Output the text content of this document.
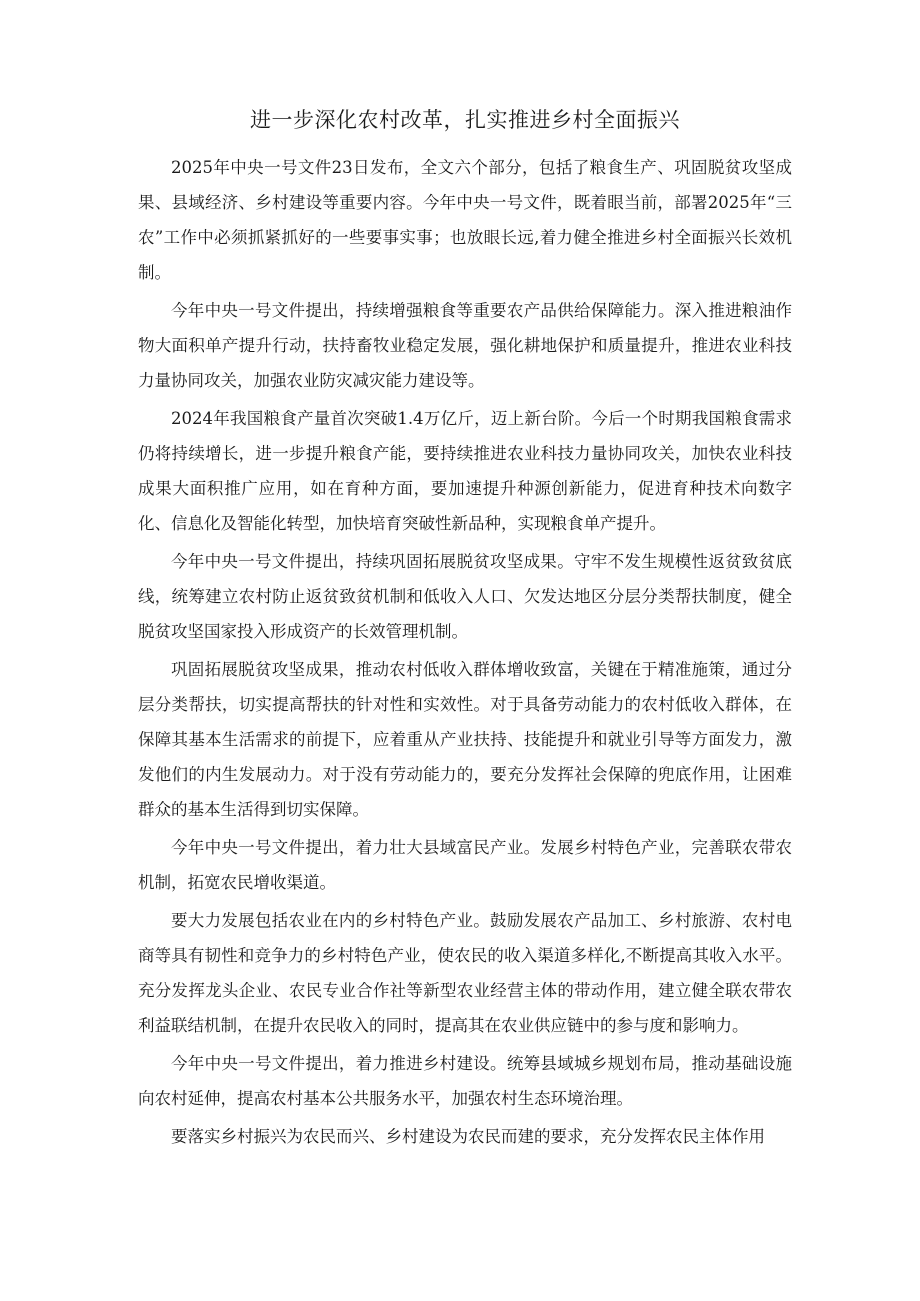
进一步深化农村改革，扎实推进乡村全面振兴

2025年中央一号文件23日发布，全文六个部分，包括了粮食生产、巩固脱贫攻坚成果、县域经济、乡村建设等重要内容。今年中央一号文件，既着眼当前，部署2025年“三农”工作中必须抓紧抓好的一些要事实事；也放眼长远,着力健全推进乡村全面振兴长效机制。

今年中央一号文件提出，持续增强粮食等重要农产品供给保障能力。深入推进粮油作物大面积单产提升行动，扶持畜牧业稳定发展，强化耕地保护和质量提升，推进农业科技力量协同攻关，加强农业防灾减灾能力建设等。

2024年我国粮食产量首次突破1.4万亿斤，迈上新台阶。今后一个时期我国粮食需求仍将持续增长，进一步提升粮食产能，要持续推进农业科技力量协同攻关，加快农业科技成果大面积推广应用，如在育种方面，要加速提升种源创新能力，促进育种技术向数字化、信息化及智能化转型，加快培育突破性新品种，实现粮食单产提升。

今年中央一号文件提出，持续巩固拓展脱贫攻坚成果。守牢不发生规模性返贫致贫底线，统筹建立农村防止返贫致贫机制和低收入人口、欠发达地区分层分类帮扶制度，健全脱贫攻坚国家投入形成资产的长效管理机制。

巩固拓展脱贫攻坚成果，推动农村低收入群体增收致富，关键在于精准施策，通过分层分类帮扶，切实提高帮扶的针对性和实效性。对于具备劳动能力的农村低收入群体，在保障其基本生活需求的前提下，应着重从产业扶持、技能提升和就业引导等方面发力，激发他们的内生发展动力。对于没有劳动能力的，要充分发挥社会保障的兜底作用，让困难群众的基本生活得到切实保障。

今年中央一号文件提出，着力壮大县域富民产业。发展乡村特色产业，完善联农带农机制，拓宽农民增收渠道。

要大力发展包括农业在内的乡村特色产业。鼓励发展农产品加工、乡村旅游、农村电商等具有韧性和竞争力的乡村特色产业，使农民的收入渠道多样化,不断提高其收入水平。充分发挥龙头企业、农民专业合作社等新型农业经营主体的带动作用，建立健全联农带农利益联结机制，在提升农民收入的同时，提高其在农业供应链中的参与度和影响力。

今年中央一号文件提出，着力推进乡村建设。统筹县域城乡规划布局，推动基础设施向农村延伸，提高农村基本公共服务水平，加强农村生态环境治理。

要落实乡村振兴为农民而兴、乡村建设为农民而建的要求，充分发挥农民主体作用
